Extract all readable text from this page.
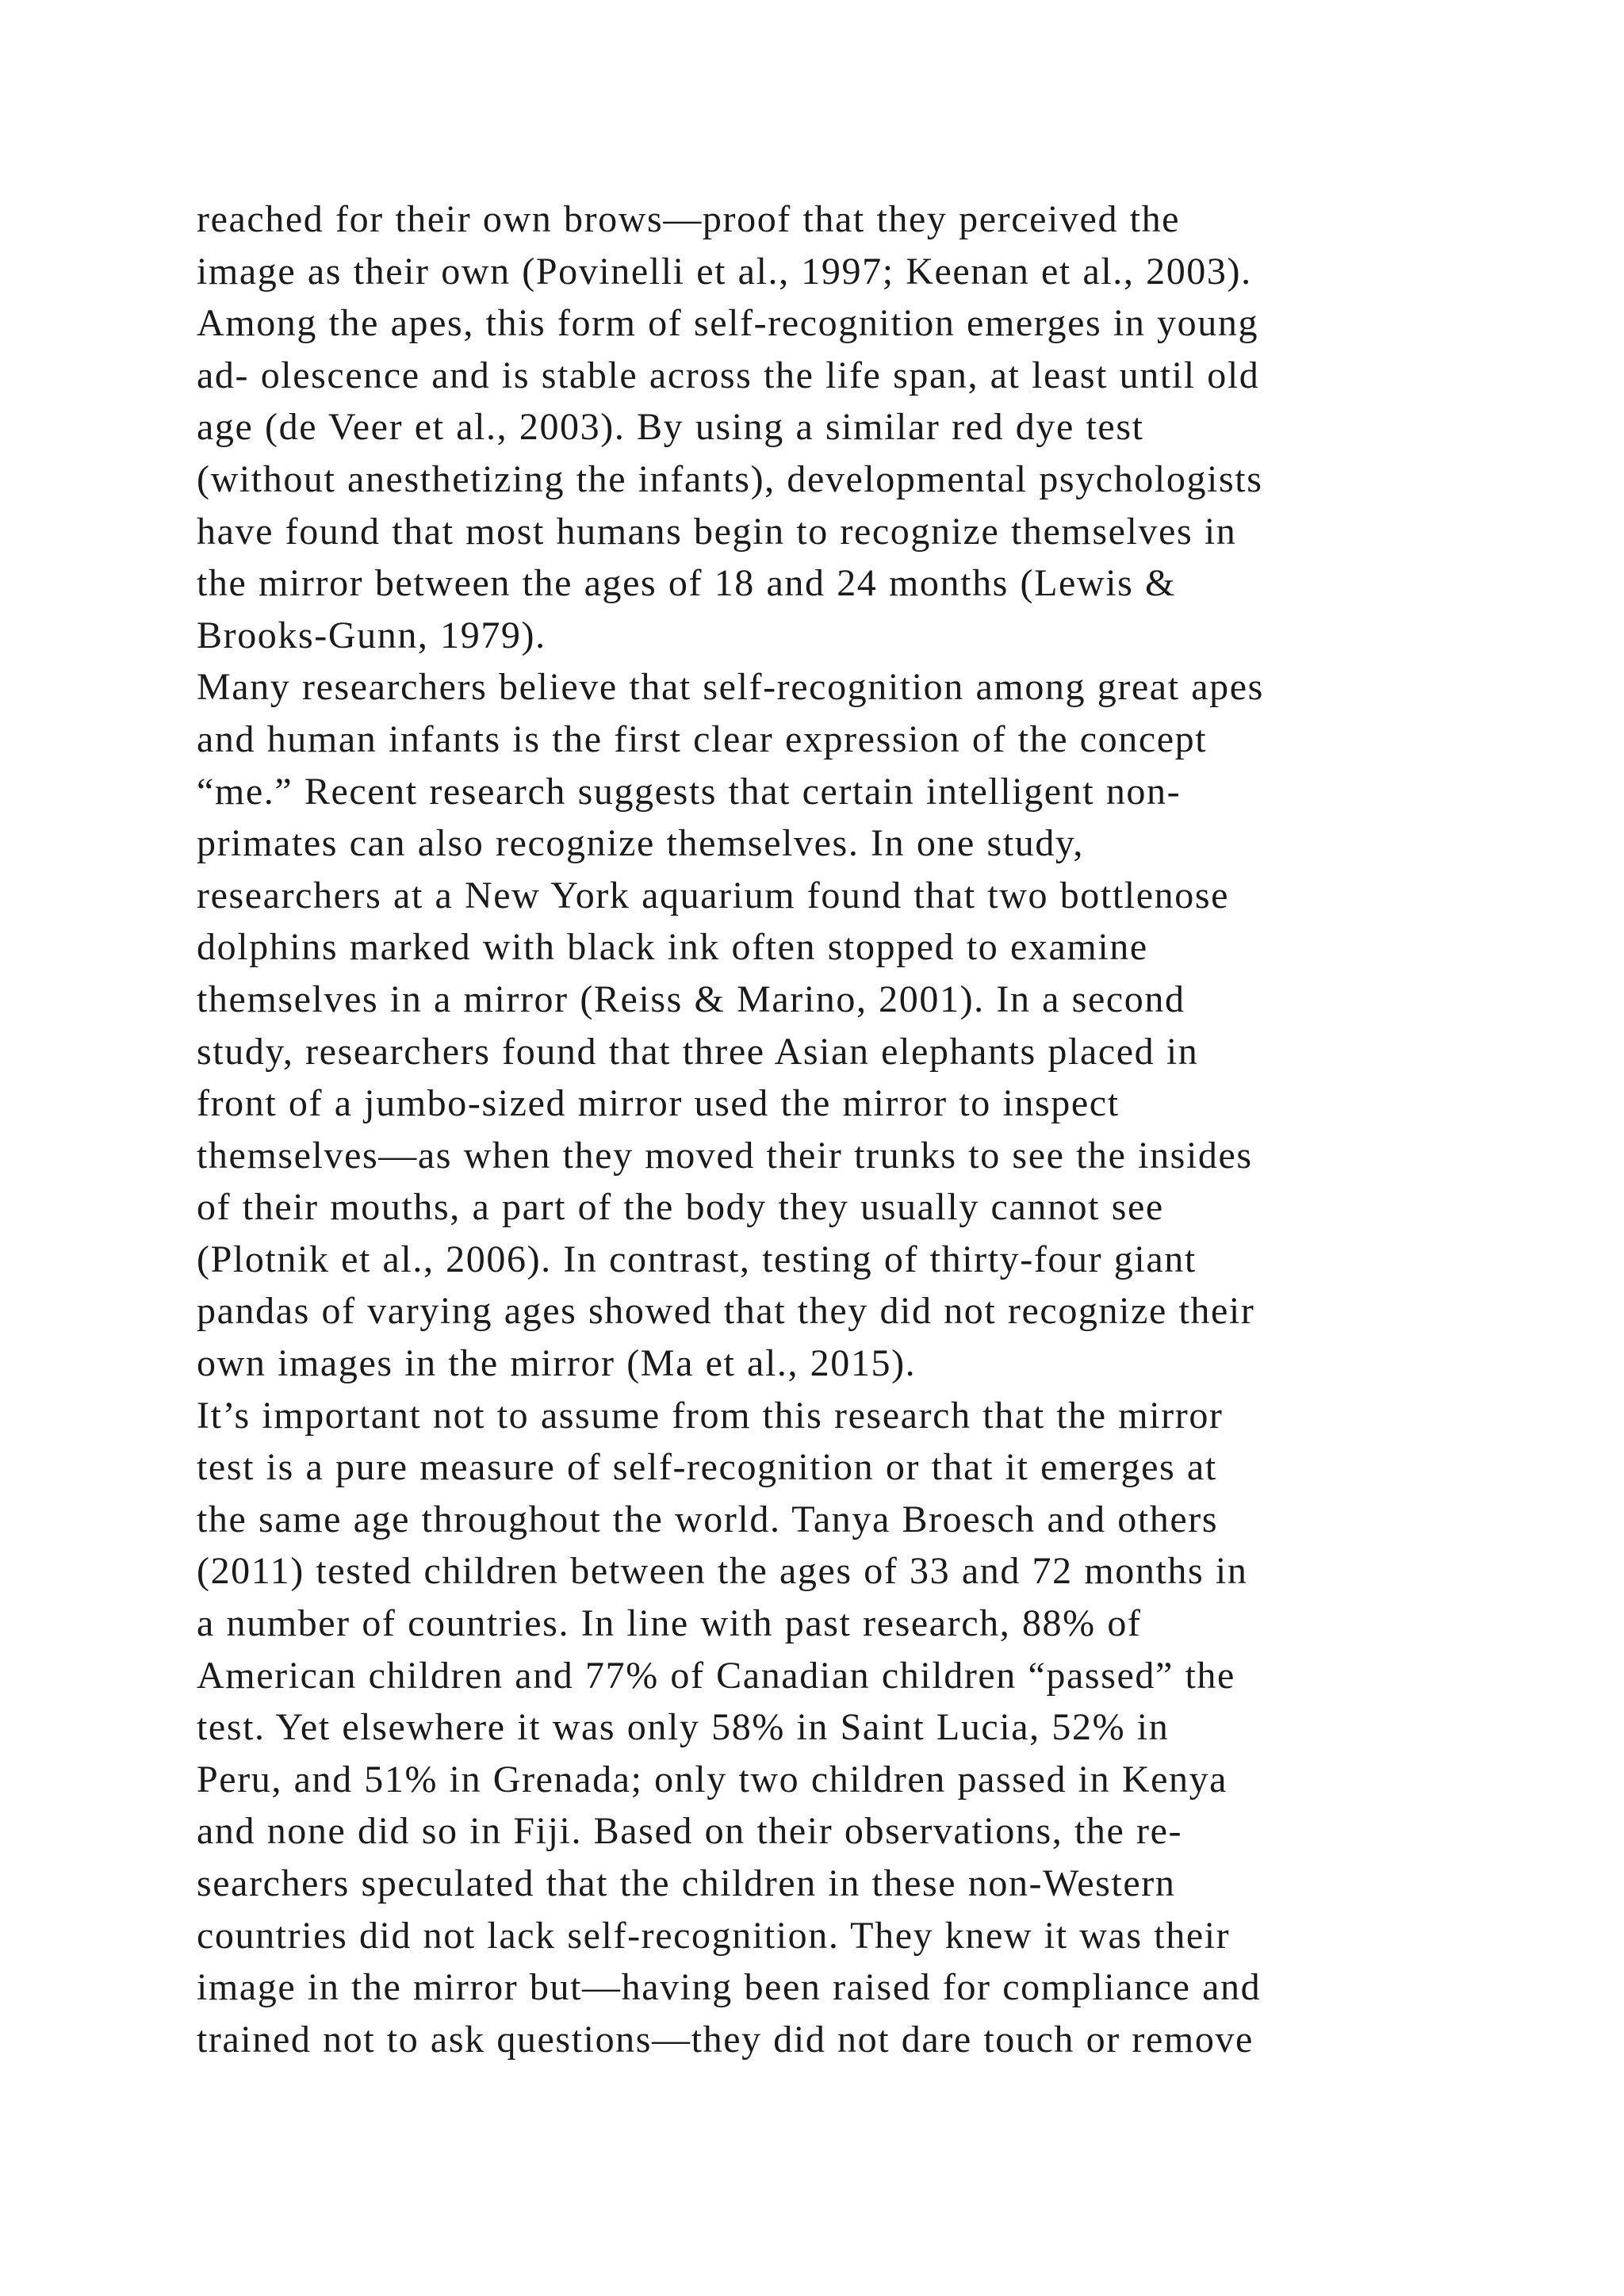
reached for their own brows—proof that they perceived the
image as their own (Povinelli et al., 1997; Keenan et al., 2003).
Among the apes, this form of self-recognition emerges in young
ad- olescence and is stable across the life span, at least until old
age (de Veer et al., 2003). By using a similar red dye test
(without anesthetizing the infants), developmental psychologists
have found that most humans begin to recognize themselves in
the mirror between the ages of 18 and 24 months (Lewis &
Brooks-Gunn, 1979).
Many researchers believe that self-recognition among great apes
and human infants is the first clear expression of the concept
“me.” Recent research suggests that certain intelligent non-
primates can also recognize themselves. In one study,
researchers at a New York aquarium found that two bottlenose
dolphins marked with black ink often stopped to examine
themselves in a mirror (Reiss & Marino, 2001). In a second
study, researchers found that three Asian elephants placed in
front of a jumbo-sized mirror used the mirror to inspect
themselves—as when they moved their trunks to see the insides
of their mouths, a part of the body they usually cannot see
(Plotnik et al., 2006). In contrast, testing of thirty-four giant
pandas of varying ages showed that they did not recognize their
own images in the mirror (Ma et al., 2015).
It’s important not to assume from this research that the mirror
test is a pure measure of self-recognition or that it emerges at
the same age throughout the world. Tanya Broesch and others
(2011) tested children between the ages of 33 and 72 months in
a number of countries. In line with past research, 88% of
American children and 77% of Canadian children “passed” the
test. Yet elsewhere it was only 58% in Saint Lucia, 52% in
Peru, and 51% in Grenada; only two children passed in Kenya
and none did so in Fiji. Based on their observations, the re-
searchers speculated that the children in these non-Western
countries did not lack self-recognition. They knew it was their
image in the mirror but—having been raised for compliance and
trained not to ask questions—they did not dare touch or remove
